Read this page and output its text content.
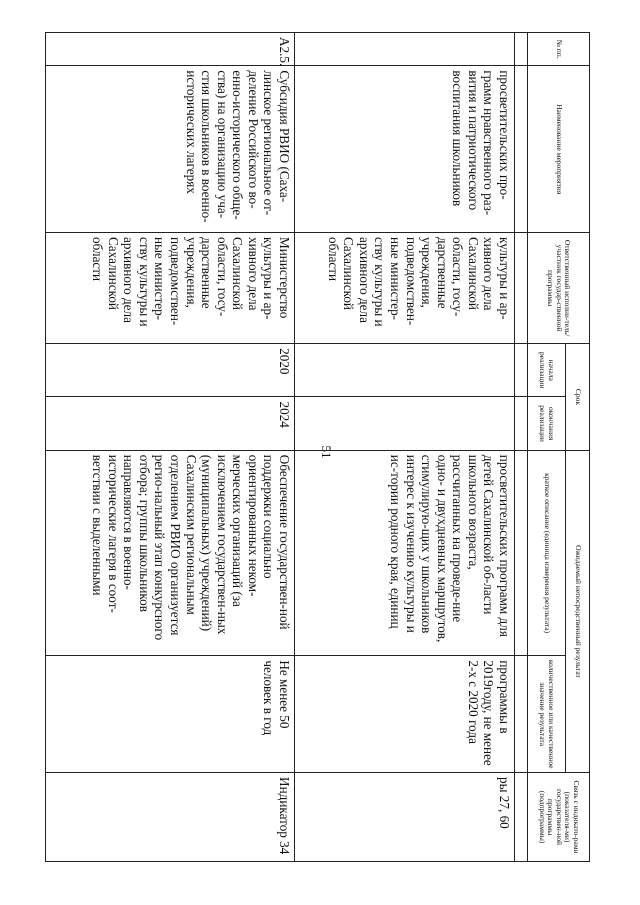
51
№ пп.	Наименование мероприятия	Ответственный исполни-тель/участник государ-ственной программы	Срок		Ожидаемый непосредственный результат		Связь с индикато-рами (показателя-ми) государствен-ной программы (подпрограммы)
			начала реализации	окончания реализации	краткое описание (единица измерения результата)	количественное или качественное значение результата	

	просветительских про-грамм нравственного раз-вития и патриотического воспитания школьников	культуры и ар-хивного дела Сахалинской области, госу-дарственные учреждения, подведомствен-ные министер-ству культуры и архивного дела Сахалинской области			просветительских программ для детей Сахалинской об-ласти школьного возраста, рассчитанных на проведе-ние одно- и двухдневных маршрутов, стимулирую-щих у школьников интерес к изучению культуры и ис-тории родного края, единиц	программы в 2019году, не менее 2-х с 2020 года	ры 27, 60
А2.5.	Субсидия РВИО (Саха-линское региональное от-деление Российского во-енно-исторического обще-ства) на организацию уча-стия школьников в военно-исторических лагерях	Министерство культуры и ар-хивного дела Сахалинской области, госу-дарственные учреждения, подведомствен-ные министер-ству культуры и архивного дела Сахалинской области	2020	2024	Обеспечение государствен-ной поддержки социально ориентированных неком-мерческих организаций (за исключением государствен-ных (муниципальных) учреждений) Сахалинским региональным отделением РВИО организуется регио-нальный этап конкурсного отбора; группы школьников направляются в военно-исторические лагеря в соот-ветствии с выделенными	Не менее 50 человек в год	Индикатор 34
